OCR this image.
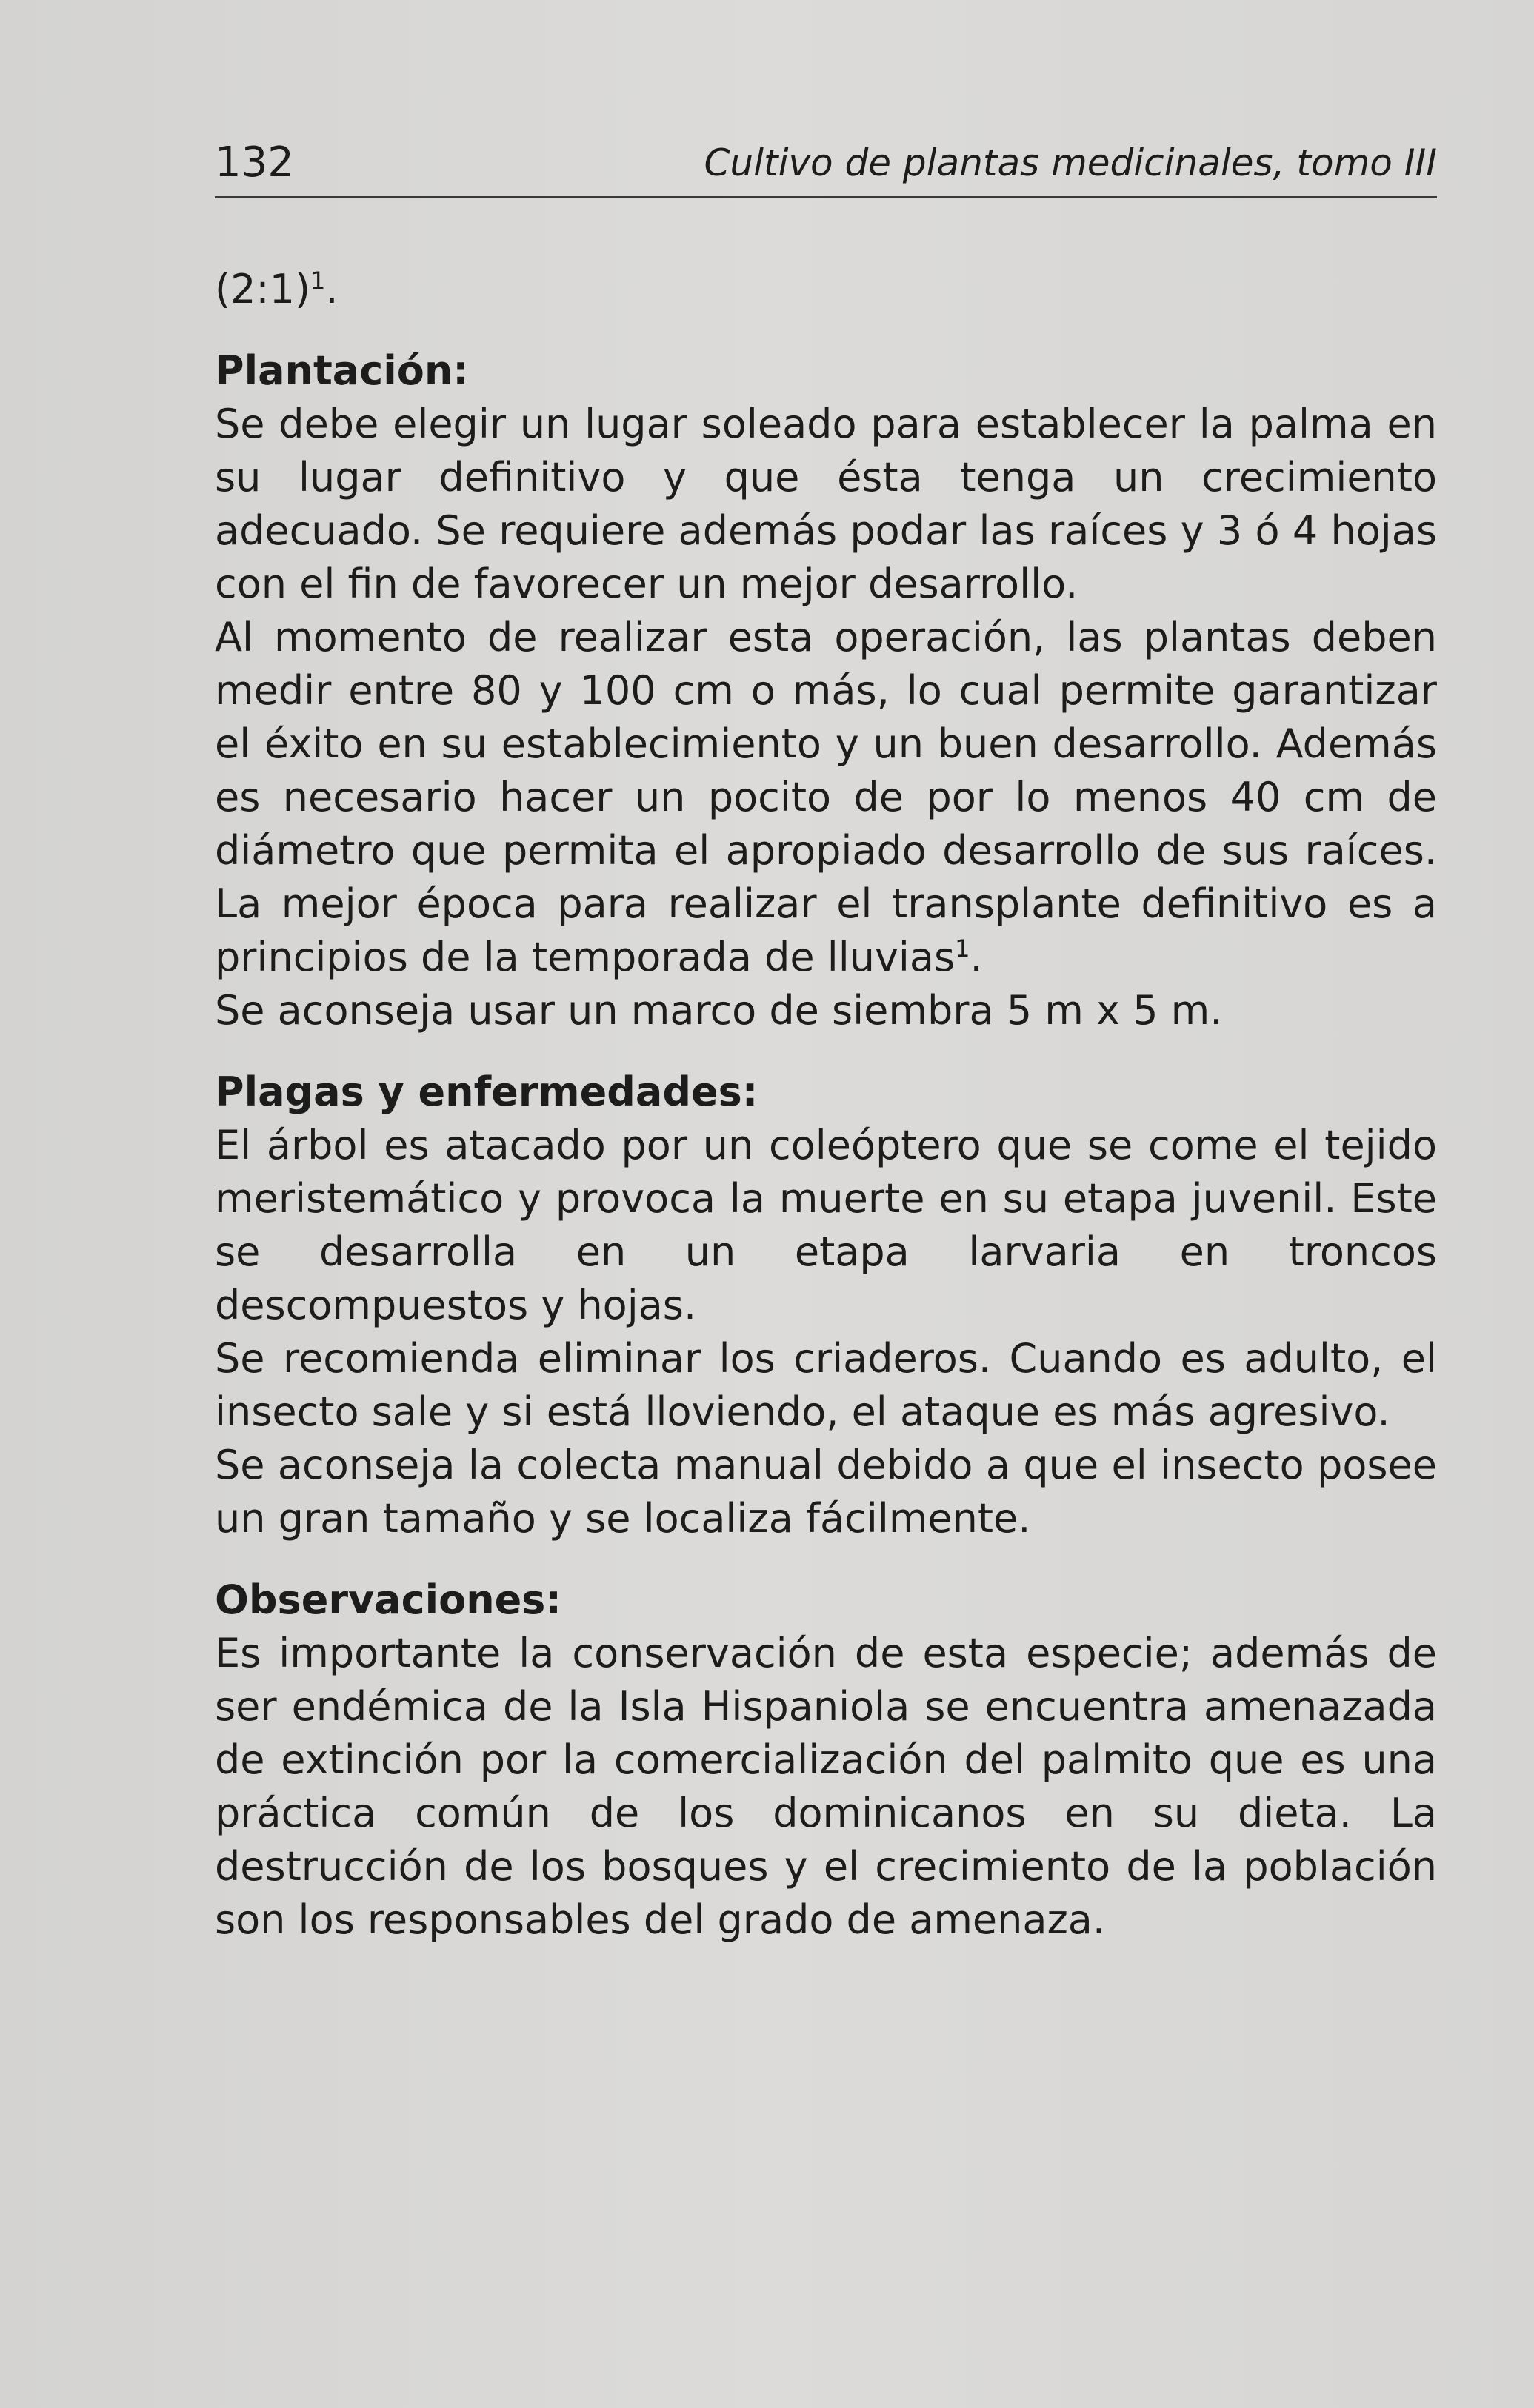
132	Cultivo de plantas medicinales, tomo III

(2:1)$^1$.

Plantación:

Se debe elegir un lugar soleado para establecer la palma en su lugar definitivo y que ésta tenga un crecimiento adecuado. Se requiere además podar las raíces y 3 ó 4 hojas con el fin de favorecer un mejor desarrollo.

Al momento de realizar esta operación, las plantas deben medir entre 80 y 100 cm o más, lo cual permite garantizar el éxito en su establecimiento y un buen desarrollo. Además es necesario hacer un pocito de por lo menos 40 cm de diámetro que permita el apropiado desarrollo de sus raíces. La mejor época para realizar el transplante definitivo es a principios de la temporada de lluvias$^1$.

Se aconseja usar un marco de siembra 5 m x 5 m.

Plagas y enfermedades:

El árbol es atacado por un coleóptero que se come el tejido meristemático y provoca la muerte en su etapa juvenil. Este se desarrolla en un etapa larvaria en troncos descompuestos y hojas.

Se recomienda eliminar los criaderos. Cuando es adulto, el insecto sale y si está lloviendo, el ataque es más agresivo.

Se aconseja la colecta manual debido a que el insecto posee un gran tamaño y se localiza fácilmente.

Observaciones:

Es importante la conservación de esta especie; además de ser endémica de la Isla Hispaniola se encuentra amenazada de extinción por la comercialización del palmito que es una práctica común de los dominicanos en su dieta. La destrucción de los bosques y el crecimiento de la población son los responsables del grado de amenaza.
